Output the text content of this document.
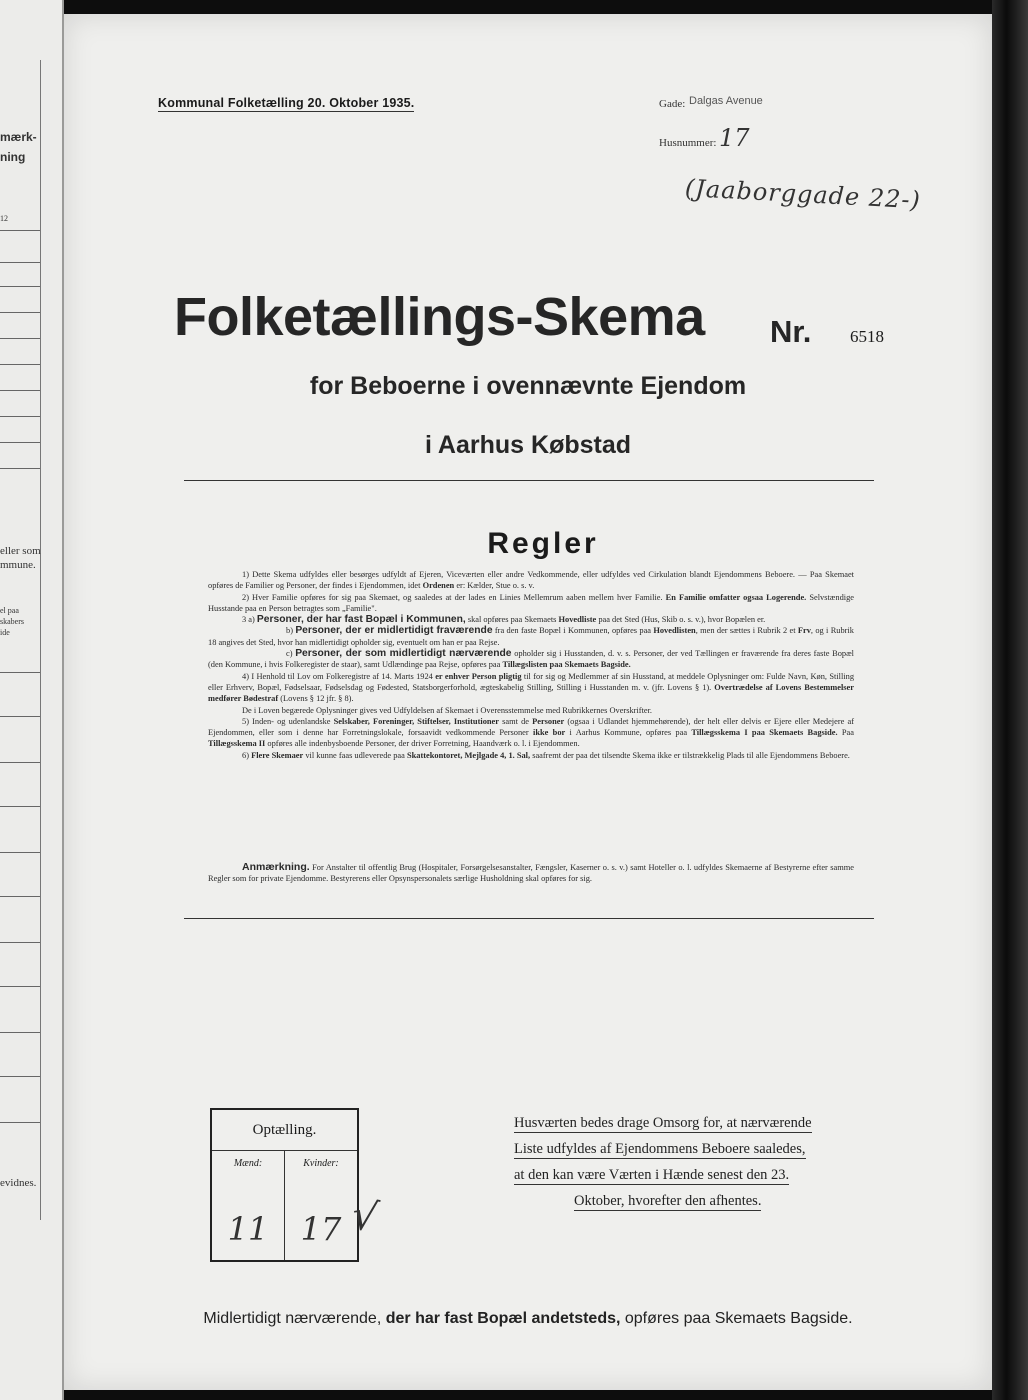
mærk-
ning
12
eller som
mmune.
el paa
skabers
ide
evidnes.
Kommunal Folketælling 20. Oktober 1935.	Gade: Dalgas Avenue
Husnummer: 17
(Jaaborggade 22-)
Folketællings-Skema Nr. 6518
for Beboerne i ovennævnte Ejendom
i Aarhus Købstad
Regler

1) Dette Skema udfyldes eller besørges udfyldt af Ejeren, Viceværten eller andre Vedkommende, eller udfyldes ved Cirkulation blandt Ejendommens Beboere. — Paa Skemaet opføres de Familier og Personer, der findes i Ejendommen, idet Ordenen er: Kælder, Stue o. s. v.

2) Hver Familie opføres for sig paa Skemaet, og saaledes at der lades en Linies Mellemrum aaben mellem hver Familie. En Familie omfatter ogsaa Logerende. Selvstændige Husstande paa en Person betragtes som „Familie".

3 a) Personer, der har fast Bopæl i Kommunen, skal opføres paa Skemaets Hovedliste paa det Sted (Hus, Skib o. s. v.), hvor Bopælen er.

b) Personer, der er midlertidigt fraværende fra den faste Bopæl i Kommunen, opføres paa Hovedlisten, men der sættes i Rubrik 2 et Frv, og i Rubrik 18 angives det Sted, hvor han midlertidigt opholder sig, eventuelt om han er paa Rejse.

c) Personer, der som midlertidigt nærværende opholder sig i Husstanden, d. v. s. Personer, der ved Tællingen er fraværende fra deres faste Bopæl (den Kommune, i hvis Folkeregister de staar), samt Udlændinge paa Rejse, opføres paa Tillægslisten paa Skemaets Bagside.

4) I Henhold til Lov om Folkeregistre af 14. Marts 1924 er enhver Person pligtig til for sig og Medlemmer af sin Husstand, at meddele Oplysninger om: Fulde Navn, Køn, Stilling eller Erhverv, Bopæl, Fødselsaar, Fødselsdag og Fødested, Statsborgerforhold, ægteskabelig Stilling, Stilling i Husstanden m. v. (jfr. Lovens § 1). Overtrædelse af Lovens Bestemmelser medfører Bødestraf (Lovens § 12 jfr. § 8).

De i Loven begærede Oplysninger gives ved Udfyldelsen af Skemaet i Overensstemmelse med Rubrikkernes Overskrifter.

5) Inden- og udenlandske Selskaber, Foreninger, Stiftelser, Institutioner samt de Personer (ogsaa i Udlandet hjemmehørende), der helt eller delvis er Ejere eller Medejere af Ejendommen, eller som i denne har Forretningslokale, forsaavidt vedkommende Personer ikke bor i Aarhus Kommune, opføres paa Tillægsskema I paa Skemaets Bagside. Paa Tillægsskema II opføres alle indenbysboende Personer, der driver Forretning, Haandværk o. l. i Ejendommen.

6) Flere Skemaer vil kunne faas udleverede paa Skattekontoret, Mejlgade 4, 1. Sal, saafremt der paa det tilsendte Skema ikke er tilstrækkelig Plads til alle Ejendommens Beboere.

Anmærkning. For Anstalter til offentlig Brug (Hospitaler, Forsørgelsesanstalter, Fængsler, Kaserner o. s. v.) samt Hoteller o. l. udfyldes Skemaerne af Bestyrerne efter samme Regler som for private Ejendomme. Bestyrerens eller Opsynspersonalets særlige Husholdning skal opføres for sig.
Optælling.
Mænd:	Kvinder:
11	17 √
Husværten bedes drage Omsorg for, at nærværende
Liste udfyldes af Ejendommens Beboere saaledes,
at den kan være Værten i Hænde senest den 23.
Oktober, hvorefter den afhentes.
Midlertidigt nærværende, der har fast Bopæl andetsteds, opføres paa Skemaets Bagside.
